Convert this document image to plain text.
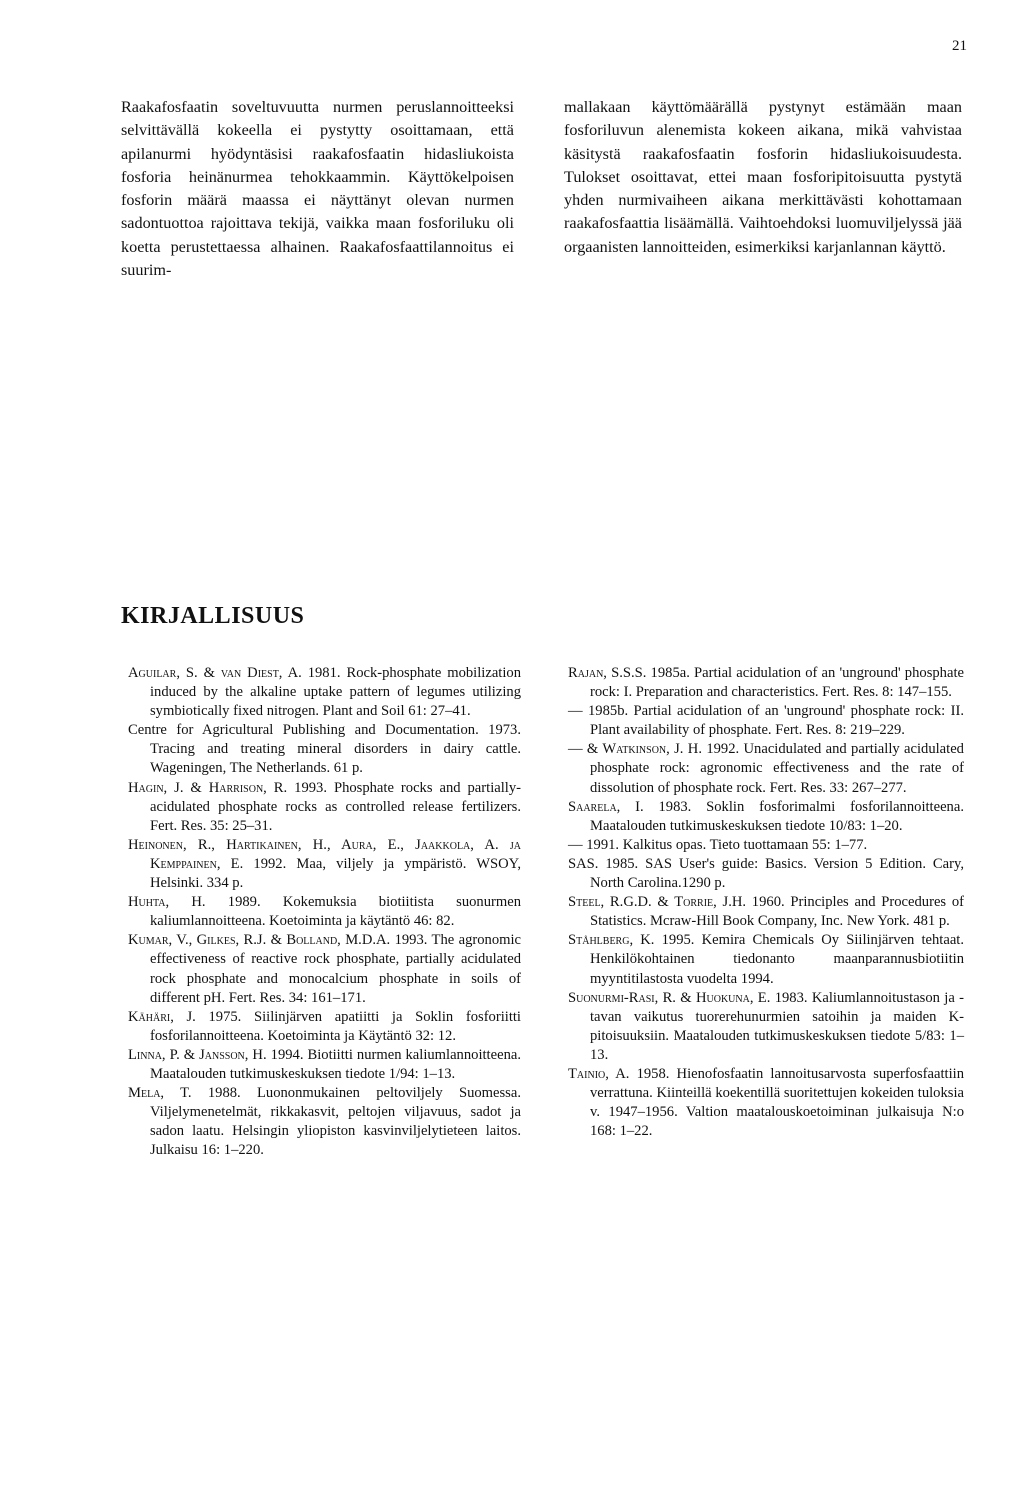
21
Raakafosfaatin soveltuvuutta nurmen peruslannoitteeksi selvittävällä kokeella ei pystytty osoittamaan, että apilanurmi hyödyntäsisi raakafosfaatin hidasliukoista fosforia heinänurmea tehokkaammin. Käyttökelpoisen fosforin määrä maassa ei näyttänyt olevan nurmen sadontuottoa rajoittava tekijä, vaikka maan fosforiluku oli koetta perustettaessa alhainen. Raakafosfaattilannoitus ei suurim-
mallakaan käyttömäärällä pystynyt estämään maan fosforiluvun alenemista kokeen aikana, mikä vahvistaa käsitystä raakafosfaatin fosforin hidasliukoisuudesta. Tulokset osoittavat, ettei maan fosforipitoisuutta pystytä yhden nurmivaiheen aikana merkittävästi kohottamaan raakafosfaattia lisäämällä. Vaihtoehdoksi luomuviljelyssä jää orgaanisten lannoitteiden, esimerkiksi karjanlannan käyttö.
KIRJALLISUUS

Aguilar, S. & van Diest, A. 1981. Rock-phosphate mobilization induced by the alkaline uptake pattern of legumes utilizing symbiotically fixed nitrogen. Plant and Soil 61: 27–41.

Centre for Agricultural Publishing and Documentation. 1973. Tracing and treating mineral disorders in dairy cattle. Wageningen, The Netherlands. 61 p.

Hagin, J. & Harrison, R. 1993. Phosphate rocks and partially-acidulated phosphate rocks as controlled release fertilizers. Fert. Res. 35: 25–31.

Heinonen, R., Hartikainen, H., Aura, E., Jaakkola, A. ja Kemppainen, E. 1992. Maa, viljely ja ympäristö. WSOY, Helsinki. 334 p.

Huhta, H. 1989. Kokemuksia biotiitista suonurmen kaliumlannoitteena. Koetoiminta ja käytäntö 46: 82.

Kumar, V., Gilkes, R.J. & Bolland, M.D.A. 1993. The agronomic effectiveness of reactive rock phosphate, partially acidulated rock phosphate and monocalcium phosphate in soils of different pH. Fert. Res. 34: 161–171.

Kähäri, J. 1975. Siilinjärven apatiitti ja Soklin fosforiitti fosforilannoitteena. Koetoiminta ja Käytäntö 32: 12.

Linna, P. & Jansson, H. 1994. Biotiitti nurmen kaliumlannoitteena. Maatalouden tutkimuskeskuksen tiedote 1/94: 1–13.

Mela, T. 1988. Luononmukainen peltoviljely Suomessa. Viljelymenetelmät, rikkakasvit, peltojen viljavuus, sadot ja sadon laatu. Helsingin yliopiston kasvinviljelytieteen laitos. Julkaisu 16: 1–220.

Rajan, S.S.S. 1985a. Partial acidulation of an 'unground' phosphate rock: I. Preparation and characteristics. Fert. Res. 8: 147–155.

— 1985b. Partial acidulation of an 'unground' phosphate rock: II. Plant availability of phosphate. Fert. Res. 8: 219–229.

— & Watkinson, J. H. 1992. Unacidulated and partially acidulated phosphate rock: agronomic effectiveness and the rate of dissolution of phosphate rock. Fert. Res. 33: 267–277.

Saarela, I. 1983. Soklin fosforimalmi fosforilannoitteena. Maatalouden tutkimuskeskuksen tiedote 10/83: 1–20.

— 1991. Kalkitus opas. Tieto tuottamaan 55: 1–77.

SAS. 1985. SAS User's guide: Basics. Version 5 Edition. Cary, North Carolina.1290 p.

Steel, R.G.D. & Torrie, J.H. 1960. Principles and Procedures of Statistics. Mcraw-Hill Book Company, Inc. New York. 481 p.

Ståhlberg, K. 1995. Kemira Chemicals Oy Siilinjärven tehtaat. Henkilökohtainen tiedonanto maanparannusbiotiitin myyntitilastosta vuodelta 1994.

Suonurmi-Rasi, R. & Huokuna, E. 1983. Kaliumlannoitustason ja -tavan vaikutus tuorerehunurmien satoihin ja maiden K-pitoisuuksiin. Maatalouden tutkimuskeskuksen tiedote 5/83: 1–13.

Tainio, A. 1958. Hienofosfaatin lannoitusarvosta superfosfaattiin verrattuna. Kiinteillä koekentillä suoritettujen kokeiden tuloksia v. 1947–1956. Valtion maatalouskoetoiminan julkaisuja N:o 168: 1–22.
